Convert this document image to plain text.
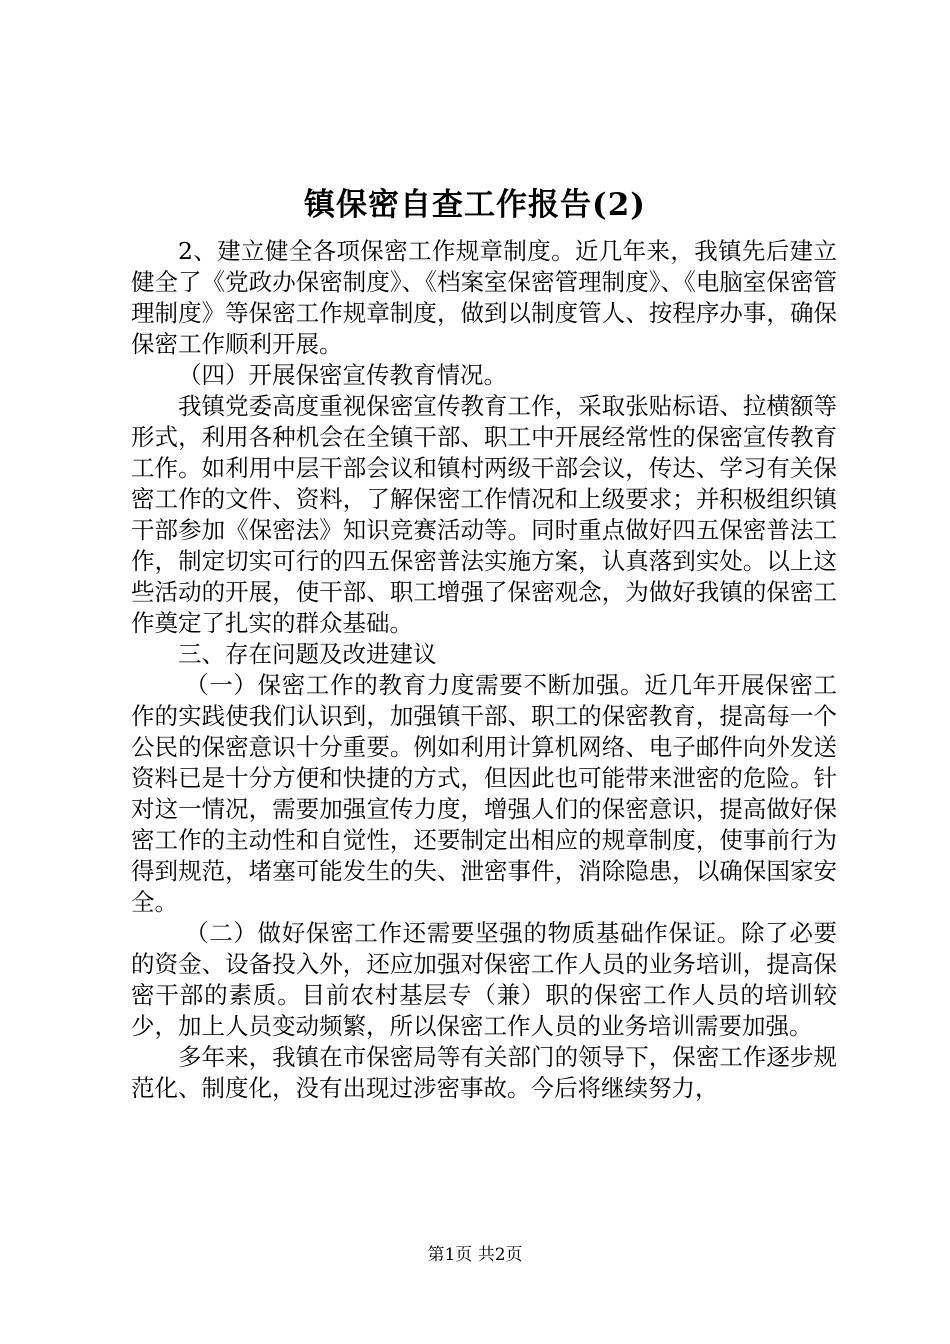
镇保密自查工作报告(2)

2、建立健全各项保密工作规章制度。近几年来，我镇先后建立健全了《党政办保密制度》、《档案室保密管理制度》、《电脑室保密管理制度》等保密工作规章制度，做到以制度管人、按程序办事，确保保密工作顺利开展。

（四）开展保密宣传教育情况。

我镇党委高度重视保密宣传教育工作，采取张贴标语、拉横额等形式，利用各种机会在全镇干部、职工中开展经常性的保密宣传教育工作。如利用中层干部会议和镇村两级干部会议，传达、学习有关保密工作的文件、资料，了解保密工作情况和上级要求；并积极组织镇干部参加《保密法》知识竞赛活动等。同时重点做好四五保密普法工作，制定切实可行的四五保密普法实施方案，认真落到实处。以上这些活动的开展，使干部、职工增强了保密观念，为做好我镇的保密工作奠定了扎实的群众基础。

三、存在问题及改进建议

（一）保密工作的教育力度需要不断加强。近几年开展保密工作的实践使我们认识到，加强镇干部、职工的保密教育，提高每一个公民的保密意识十分重要。例如利用计算机网络、电子邮件向外发送资料已是十分方便和快捷的方式，但因此也可能带来泄密的危险。针对这一情况，需要加强宣传力度，增强人们的保密意识，提高做好保密工作的主动性和自觉性，还要制定出相应的规章制度，使事前行为得到规范，堵塞可能发生的失、泄密事件，消除隐患，以确保国家安全。

（二）做好保密工作还需要坚强的物质基础作保证。除了必要的资金、设备投入外，还应加强对保密工作人员的业务培训，提高保密干部的素质。目前农村基层专（兼）职的保密工作人员的培训较少，加上人员变动频繁，所以保密工作人员的业务培训需要加强。

多年来，我镇在市保密局等有关部门的领导下，保密工作逐步规范化、制度化，没有出现过涉密事故。今后将继续努力，

第1页 共2页
